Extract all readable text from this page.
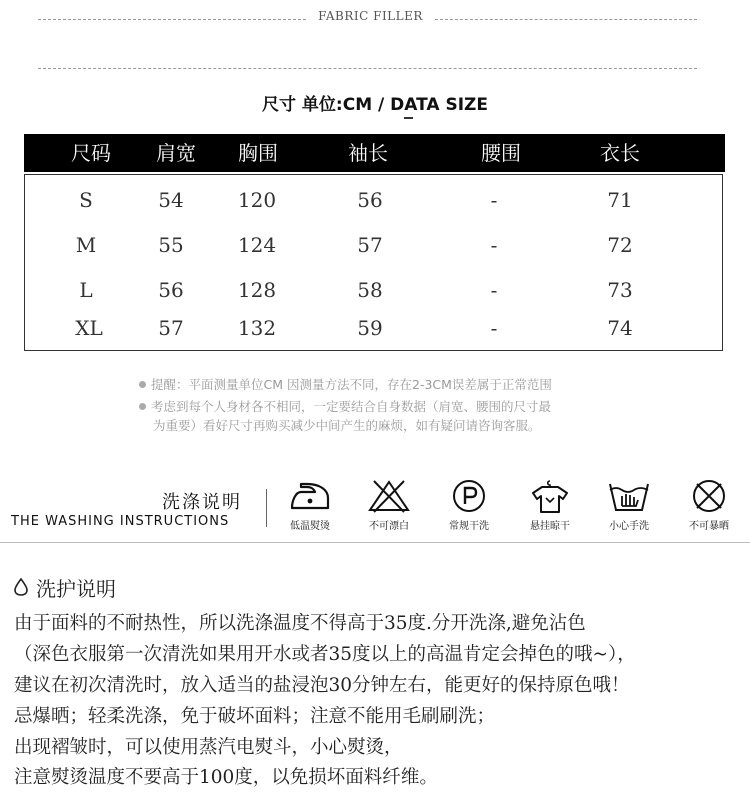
FABRIC FILLER
尺寸 单位:CM / DATA SIZE
尺码 肩宽 胸围	袖长	腰围	衣长
S	54	120	56	-	71
M	55	124	57	-	72
L	56	128	58	-	73
XL	57	132	59	-	74
提醒：平面测量单位CM 因测量方法不同，存在2-3CM误差属于正常范围
考虑到每个人身材各不相同，一定要结合自身数据（肩宽、腰围的尺寸最
为重要）看好尺寸再购买减少中间产生的麻烦，如有疑问请咨询客服。
洗涤说明
THE WASHING INSTRUCTIONS	低温熨烫	不可漂白	常规干洗	悬挂晾干	小心手洗	不可暴晒
洗护说明
由于面料的不耐热性，所以洗涤温度不得高于35度.分开洗涤,避免沾色
（深色衣服第一次清洗如果用开水或者35度以上的高温肯定会掉色的哦~），
建议在初次清洗时，放入适当的盐浸泡30分钟左右，能更好的保持原色哦！
忌爆晒；轻柔洗涤，免于破坏面料；注意不能用毛刷刷洗；
出现褶皱时，可以使用蒸汽电熨斗，小心熨烫，
注意熨烫温度不要高于100度，以免损坏面料纤维。
